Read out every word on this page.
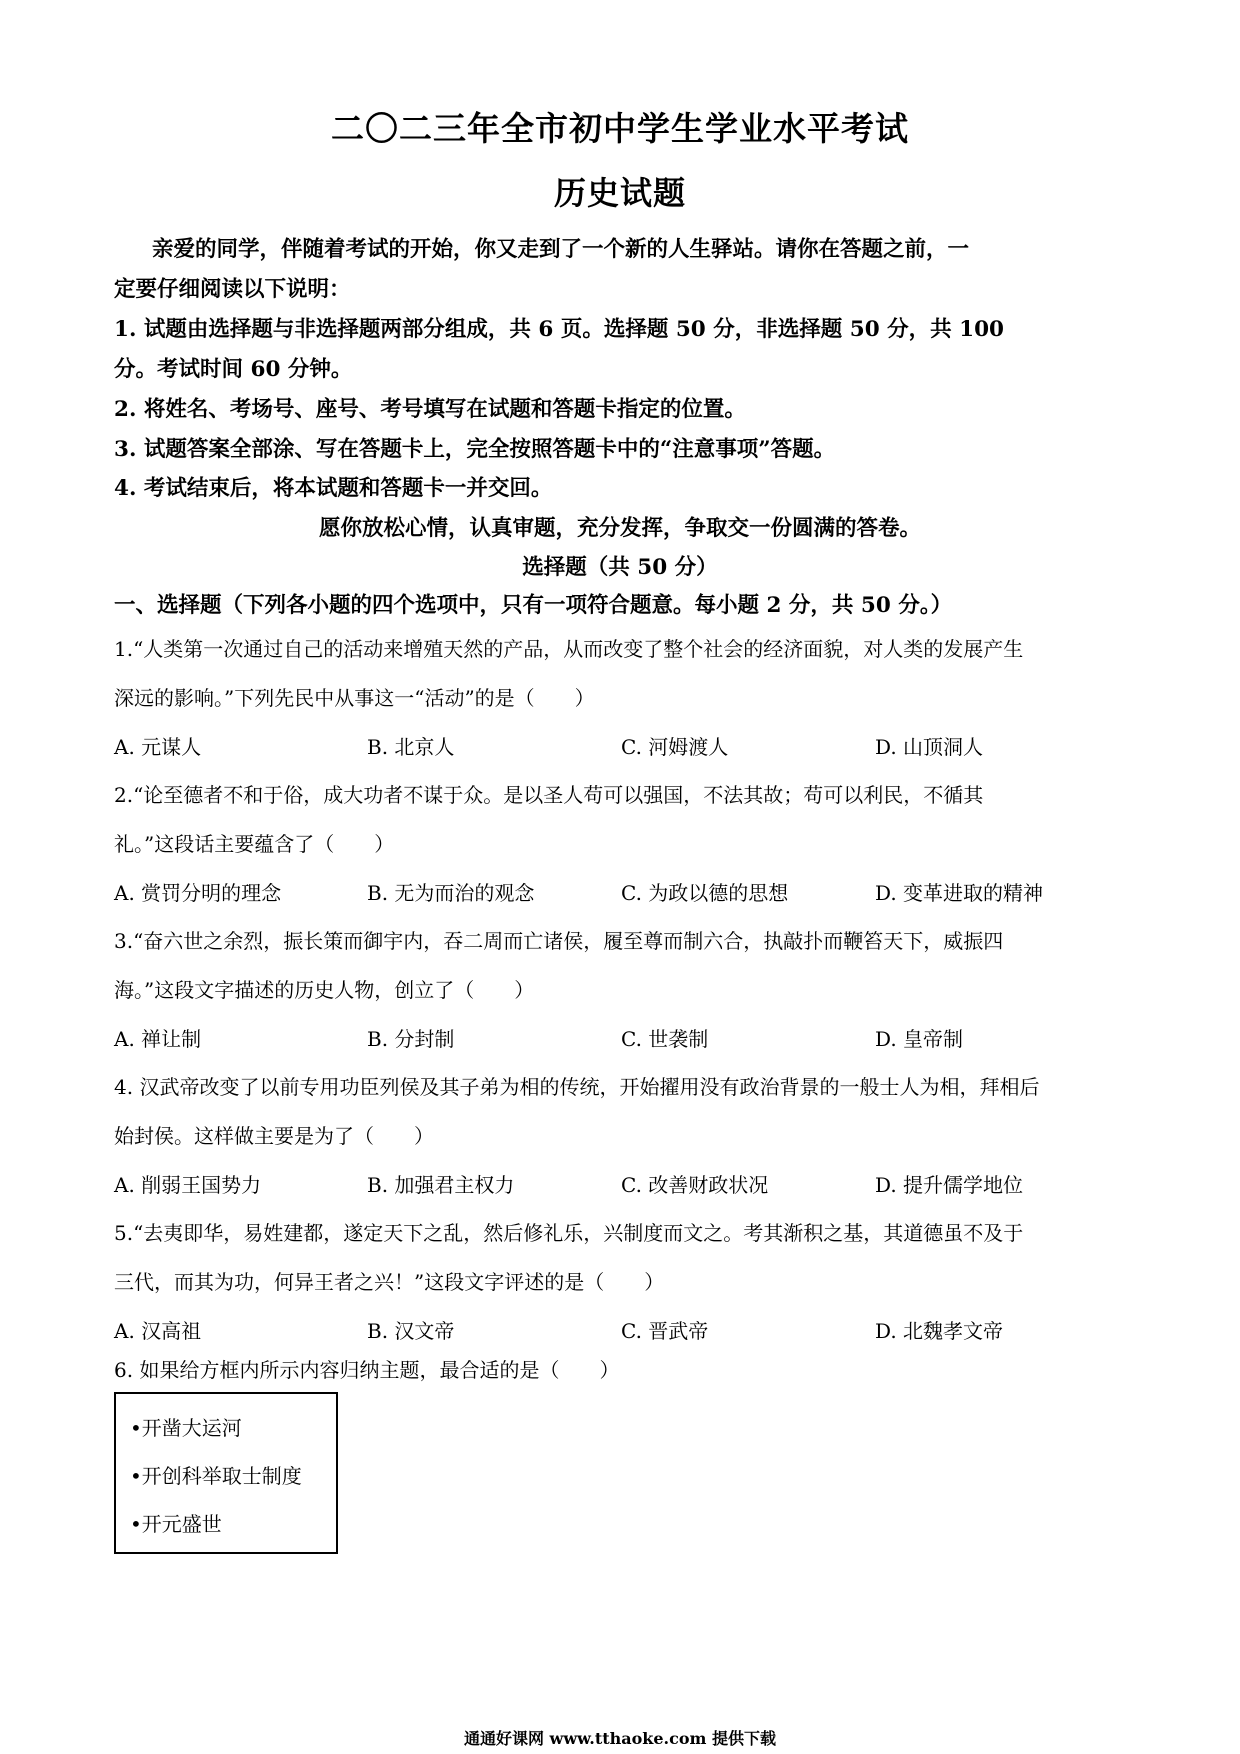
二〇二三年全市初中学生学业水平考试
历史试题
亲爱的同学，伴随着考试的开始，你又走到了一个新的人生驿站。请你在答题之前，一
定要仔细阅读以下说明：
1. 试题由选择题与非选择题两部分组成，共 6 页。选择题 50 分，非选择题 50 分，共 100
分。考试时间 60 分钟。
2. 将姓名、考场号、座号、考号填写在试题和答题卡指定的位置。
3. 试题答案全部涂、写在答题卡上，完全按照答题卡中的“注意事项”答题。
4. 考试结束后，将本试题和答题卡一并交回。
愿你放松心情，认真审题，充分发挥，争取交一份圆满的答卷。
选择题（共 50 分）
一、选择题（下列各小题的四个选项中，只有一项符合题意。每小题 2 分，共 50 分。）
1.“人类第一次通过自己的活动来增殖天然的产品，从而改变了整个社会的经济面貌，对人类的发展产生
深远的影响。”下列先民中从事这一“活动”的是（　　）
A. 元谋人	B. 北京人	C. 河姆渡人	D. 山顶洞人
2.“论至德者不和于俗，成大功者不谋于众。是以圣人苟可以强国，不法其故；苟可以利民，不循其
礼。”这段话主要蕴含了（　　）
A. 赏罚分明的理念	B. 无为而治的观念	C. 为政以德的思想	D. 变革进取的精神
3.“奋六世之余烈，振长策而御宇内，吞二周而亡诸侯，履至尊而制六合，执敲扑而鞭笞天下，威振四
海。”这段文字描述的历史人物，创立了（　　）
A. 禅让制	B. 分封制	C. 世袭制	D. 皇帝制
4. 汉武帝改变了以前专用功臣列侯及其子弟为相的传统，开始擢用没有政治背景的一般士人为相，拜相后
始封侯。这样做主要是为了（　　）
A. 削弱王国势力	B. 加强君主权力	C. 改善财政状况	D. 提升儒学地位
5.“去夷即华，易姓建都，遂定天下之乱，然后修礼乐，兴制度而文之。考其渐积之基，其道德虽不及于
三代，而其为功，何异王者之兴！”这段文字评述的是（　　）
A. 汉高祖	B. 汉文帝	C. 晋武帝	D. 北魏孝文帝
6. 如果给方框内所示内容归纳主题，最合适的是（　　）
•开凿大运河
•开创科举取士制度
•开元盛世
通通好课网 www.tthaoke.com 提供下载
